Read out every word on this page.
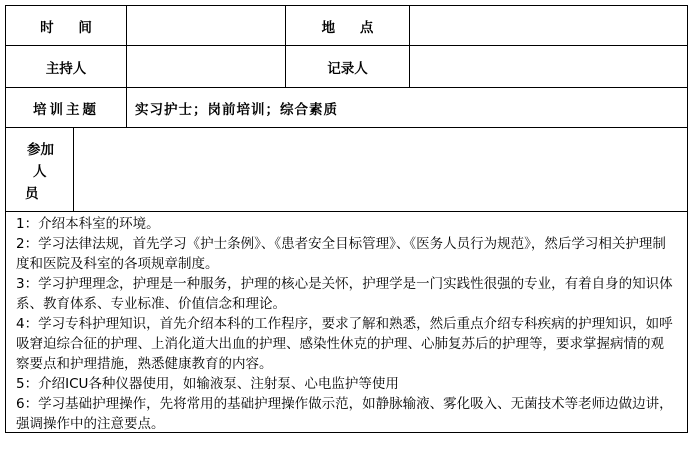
时 间	地 点
主持人	记录人
培训主题	实习护士；岗前培训；综合素质
参加
人
员

1：介绍本科室的环境。

2：学习法律法规，首先学习《护士条例》、《患者安全目标管理》、《医务人员行为规范》，然后学习相关护理制度和医院及科室的各项规章制度。

3：学习护理理念，护理是一种服务，护理的核心是关怀，护理学是一门实践性很强的专业，有着自身的知识体系、教育体系、专业标准、价值信念和理论。

4：学习专科护理知识，首先介绍本科的工作程序，要求了解和熟悉，然后重点介绍专科疾病的护理知识，如呼吸窘迫综合征的护理、上消化道大出血的护理、感染性休克的护理、心肺复苏后的护理等，要求掌握病情的观察要点和护理措施，熟悉健康教育的内容。

5：介绍ICU各种仪器使用，如输液泵、注射泵、心电监护等使用

6：学习基础护理操作，先将常用的基础护理操作做示范，如静脉输液、雾化吸入、无菌技术等老师边做边讲，强调操作中的注意要点。
